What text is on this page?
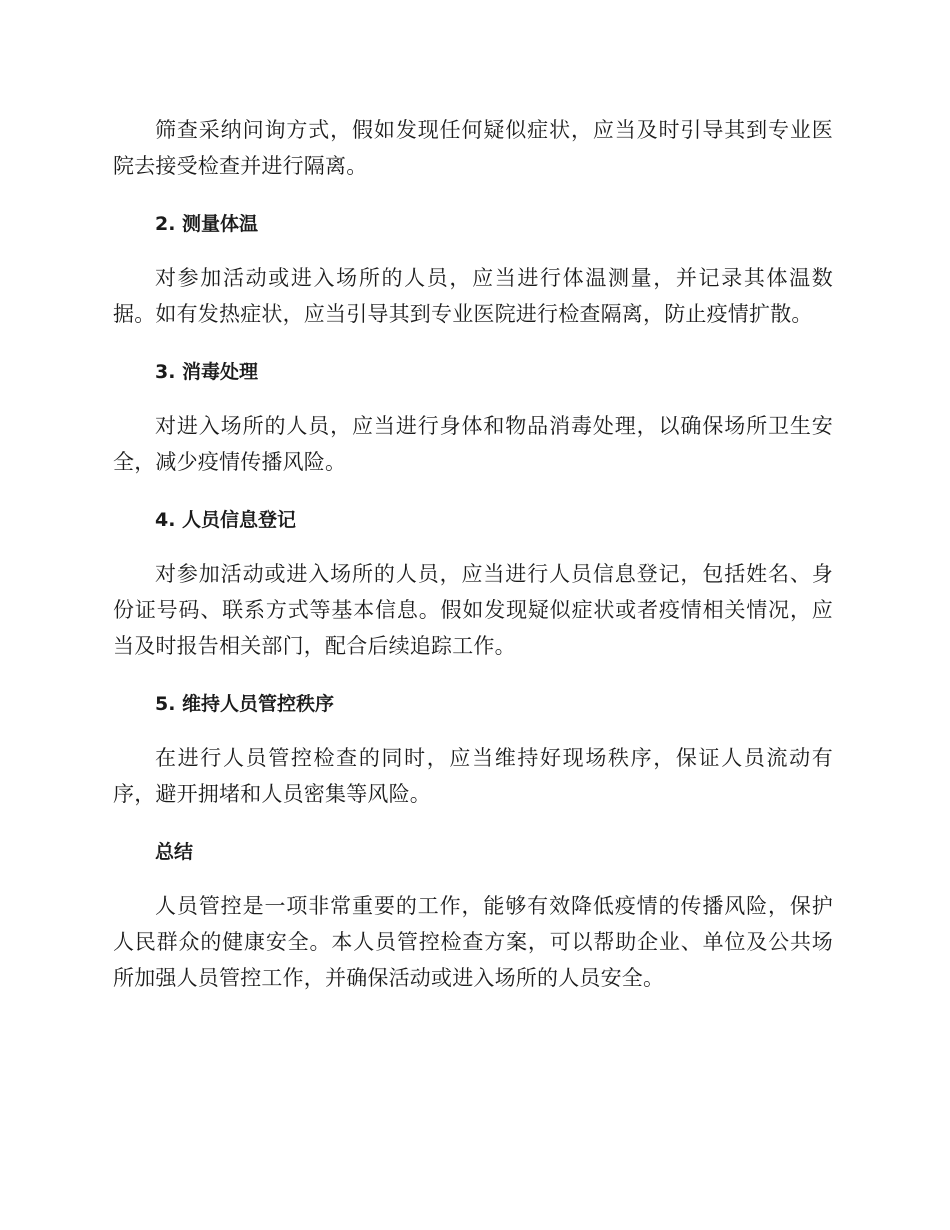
筛查采纳问询方式，假如发现任何疑似症状，应当及时引导其到专业医院去接受检查并进行隔离。

2. 测量体温

对参加活动或进入场所的人员，应当进行体温测量，并记录其体温数据。如有发热症状，应当引导其到专业医院进行检查隔离，防止疫情扩散。

3. 消毒处理

对进入场所的人员，应当进行身体和物品消毒处理，以确保场所卫生安全，减少疫情传播风险。

4. 人员信息登记

对参加活动或进入场所的人员，应当进行人员信息登记，包括姓名、身份证号码、联系方式等基本信息。假如发现疑似症状或者疫情相关情况，应当及时报告相关部门，配合后续追踪工作。

5. 维持人员管控秩序

在进行人员管控检查的同时，应当维持好现场秩序，保证人员流动有序，避开拥堵和人员密集等风险。

总结

人员管控是一项非常重要的工作，能够有效降低疫情的传播风险，保护人民群众的健康安全。本人员管控检查方案，可以帮助企业、单位及公共场所加强人员管控工作，并确保活动或进入场所的人员安全。
